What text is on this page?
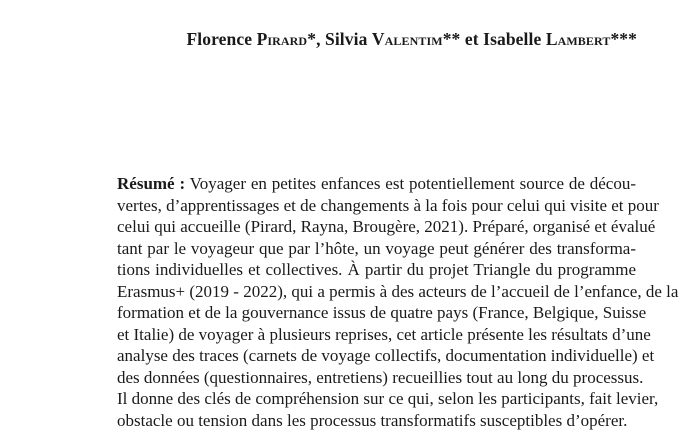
Florence Pirard*, Silvia Valentim** et Isabelle Lambert***
Résumé : Voyager en petites enfances est potentiellement source de décou-
vertes, d’apprentissages et de changements à la fois pour celui qui visite et pour
celui qui accueille (Pirard, Rayna, Brougère, 2021). Préparé, organisé et évalué
tant par le voyageur que par l’hôte, un voyage peut générer des transforma-
tions individuelles et collectives. À partir du projet Triangle du programme
Erasmus+ (2019 - 2022), qui a permis à des acteurs de l’accueil de l’enfance, de la
formation et de la gouvernance issus de quatre pays (France, Belgique, Suisse
et Italie) de voyager à plusieurs reprises, cet article présente les résultats d’une
analyse des traces (carnets de voyage collectifs, documentation individuelle) et
des données (questionnaires, entretiens) recueillies tout au long du processus.
Il donne des clés de compréhension sur ce qui, selon les participants, fait levier,
obstacle ou tension dans les processus transformatifs susceptibles d’opérer.
